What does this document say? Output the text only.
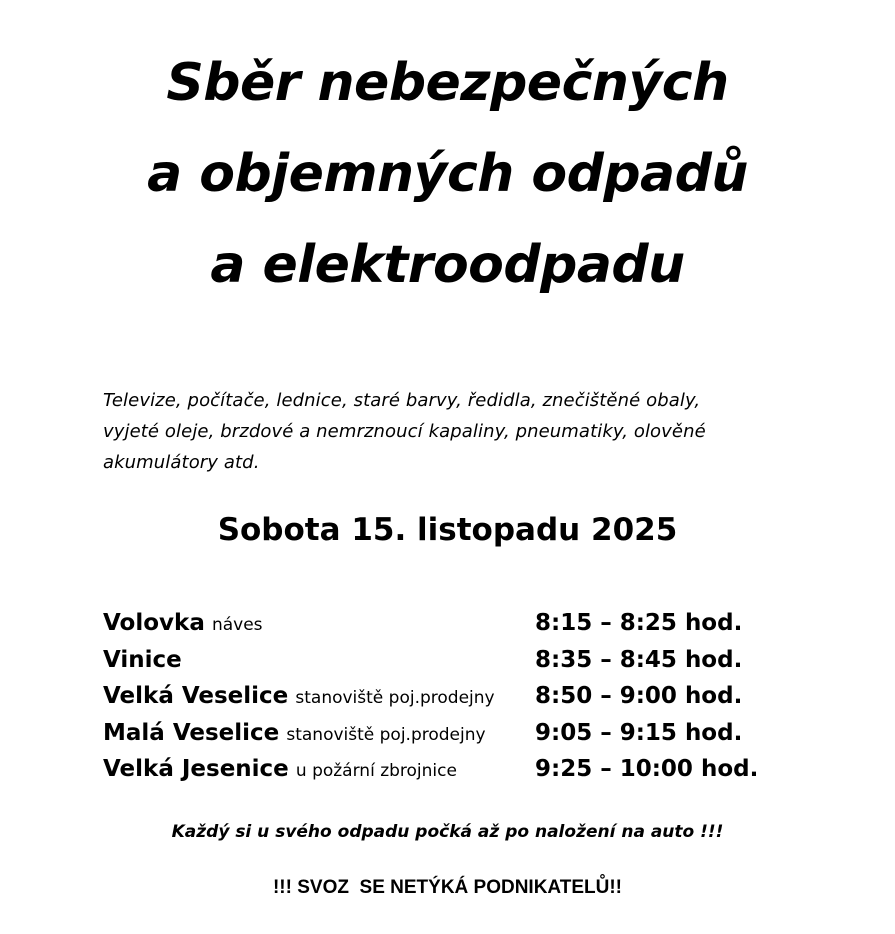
Sběr nebezpečných
a objemných odpadů
a elektroodpadu
Televize, počítače, lednice, staré barvy, ředidla, znečištěné obaly,
vyjeté oleje, brzdové a nemrznoucí kapaliny, pneumatiky, olověné
akumulátory atd.
Sobota 15. listopadu 2025
Volovka náves	8:15 – 8:25 hod.
Vinice	8:35 – 8:45 hod.
Velká Veselice stanoviště poj.prodejny 8:50 – 9:00 hod.
Malá Veselice stanoviště poj.prodejny 9:05 – 9:15 hod.
Velká Jesenice u požární zbrojnice	9:25 – 10:00 hod.
Každý si u svého odpadu počká až po naložení na auto !!!
!!! SVOZ  SE NETÝKÁ PODNIKATELŮ!!
